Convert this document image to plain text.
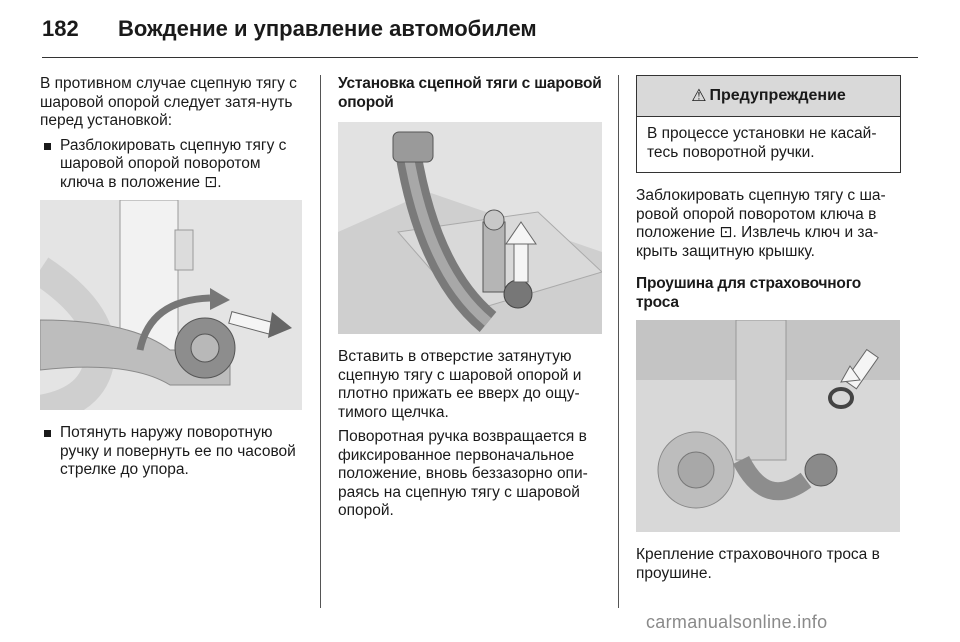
182 Вождение и управление автомобилем

В противном случае сцепную тягу с шаровой опорой следует затя-нуть перед установкой:

Разблокировать сцепную тягу с шаровой опорой поворотом ключа в положение ⊡.
Потянуть наружу поворотную ручку и повернуть ее по часовой стрелке до упора.

Установка сцепной тяги с шаровой опорой

Вставить в отверстие затянутую сцепную тягу с шаровой опорой и плотно прижать ее вверх до ощу-тимого щелчка.

Поворотная ручка возвращается в фиксированное первоначальное положение, вновь беззазорно опи-раясь на сцепную тягу с шаровой опорой.

⚠ Предупреждение
В процессе установки не касай-тесь поворотной ручки.

Заблокировать сцепную тягу с ша-ровой опорой поворотом ключа в положение ⊡. Извлечь ключ и за-крыть защитную крышку.

Проушина для страховочного троса

Крепление страховочного троса в проушине.

carmanualsonline.info
